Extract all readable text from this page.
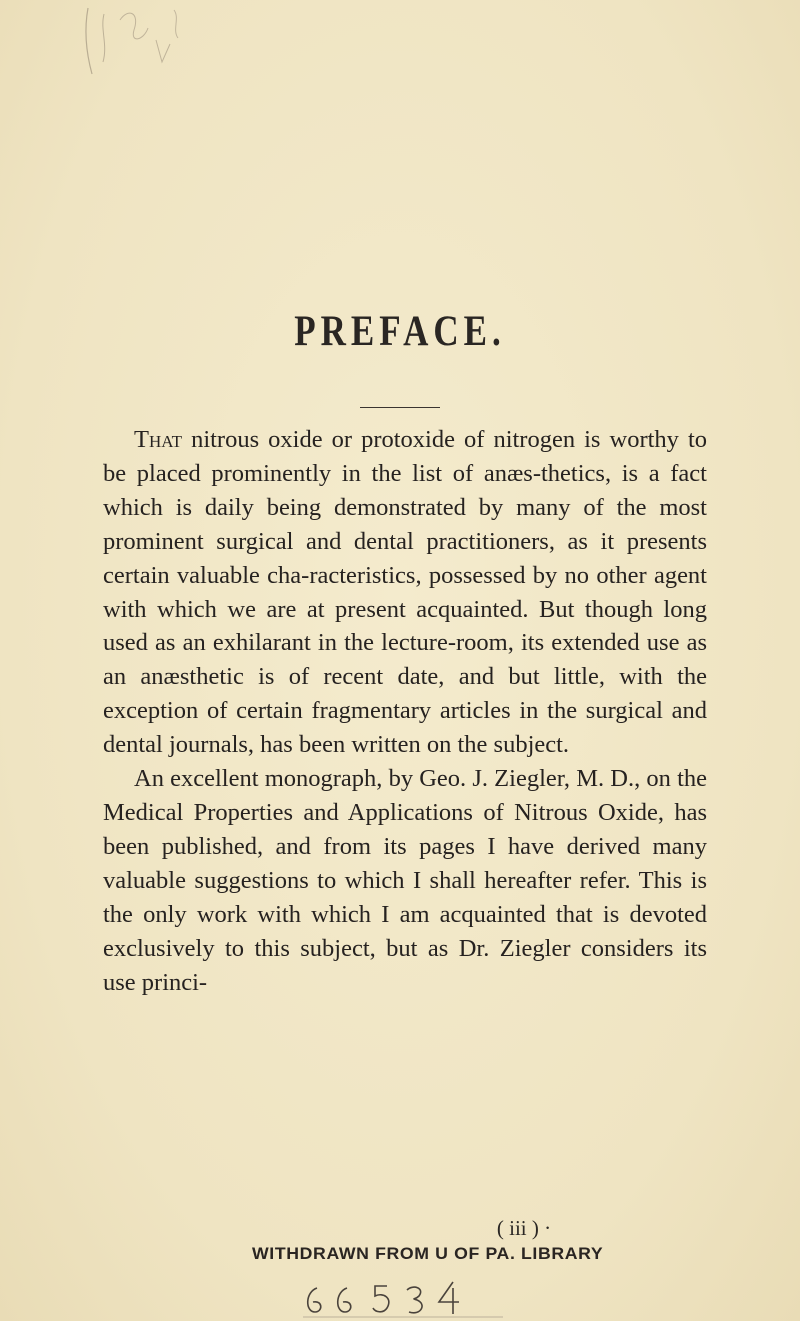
PREFACE.

That nitrous oxide or protoxide of nitrogen is worthy to be placed prominently in the list of anæs-thetics, is a fact which is daily being demonstrated by many of the most prominent surgical and dental practitioners, as it presents certain valuable cha-racteristics, possessed by no other agent with which we are at present acquainted. But though long used as an exhilarant in the lecture-room, its extended use as an anæsthetic is of recent date, and but little, with the exception of certain fragmentary articles in the surgical and dental journals, has been written on the subject.

An excellent monograph, by Geo. J. Ziegler, M. D., on the Medical Properties and Applications of Nitrous Oxide, has been published, and from its pages I have derived many valuable suggestions to which I shall hereafter refer. This is the only work with which I am acquainted that is devoted exclusively to this subject, but as Dr. Ziegler considers its use princi-

( iii ) ·
WITHDRAWN FROM U OF PA. LIBRARY
